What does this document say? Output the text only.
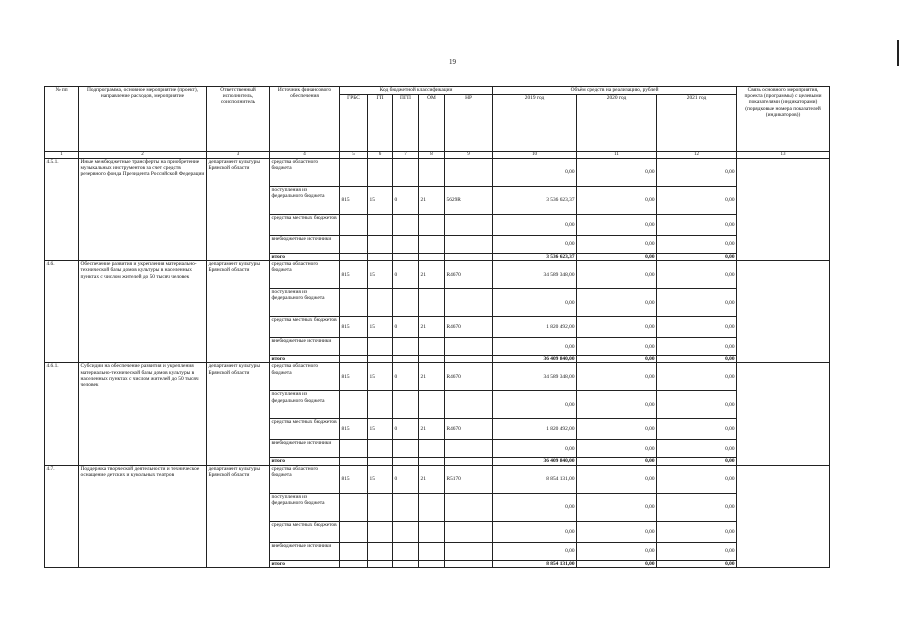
19
№ пп	Подпрограмма, основное мероприятие (проект), направление расходов, мероприятие	Ответственный исполнитель, соисполнитель	Источник финансового обеспечения	Код бюджетной классификации					Объём средств на реализацию, рублей			Связь основного мероприятия, проекта (программы) с целевыми показателями (индикаторами) (порядковые номера показателей (индикаторов))
				ГРБС	ГП	ПГП	ОМ	НР	2019 год	2020 год	2021 год	
1	2	3	4	5	6	7	8	9	10	11	12	13
4.5.1.	Иные межбюджетные трансферты на приобретение музыкальных инструментов за счет средств резервного фонда Президента Российской Федерации	департамент культуры Брянской области	средства областного бюджета						0,00	0,00	0,00	
			поступления из федерального бюджета	815	15	0	21	5629R	3 536 623,37	0,00	0,00	
			средства местных бюджетов						0,00	0,00	0,00	
			внебюджетные источники						0,00	0,00	0,00	
			итого						3 536 623,37	0,00	0,00	
4.6.	Обеспечение развития и укрепления материально-технической базы домов культуры в населенных пунктах с числом жителей до 50 тысяч человек	департамент культуры Брянской области	средства областного бюджета	815	15	0	21	R4670	34 589 348,00	0,00	0,00	
			поступления из федерального бюджета						0,00	0,00	0,00	
			средства местных бюджетов	815	15	0	21	R4670	1 820 492,00	0,00	0,00	
			внебюджетные источники						0,00	0,00	0,00	
			итого						36 409 840,00	0,00	0,00	
4.6.1.	Субсидии на обеспечение развития и укрепления материально-технической базы домов культуры в населенных пунктах с числом жителей до 50 тысяч человек	департамент культуры Брянской области	средства областного бюджета	815	15	0	21	R4670	34 589 348,00	0,00	0,00	
			поступления из федерального бюджета						0,00	0,00	0,00	
			средства местных бюджетов	815	15	0	21	R4670	1 820 492,00	0,00	0,00	
			внебюджетные источники						0,00	0,00	0,00	
			итого						36 409 840,00	0,00	0,00	
4.7.	Поддержка творческой деятельности и техническое оснащение детских и кукольных театров	департамент культуры Брянской области	средства областного бюджета	815	15	0	21	R5170	8 854 131,00	0,00	0,00	
			поступления из федерального бюджета						0,00	0,00	0,00	
			средства местных бюджетов						0,00	0,00	0,00	
			внебюджетные источники						0,00	0,00	0,00	
			итого						8 854 131,00	0,00	0,00	
